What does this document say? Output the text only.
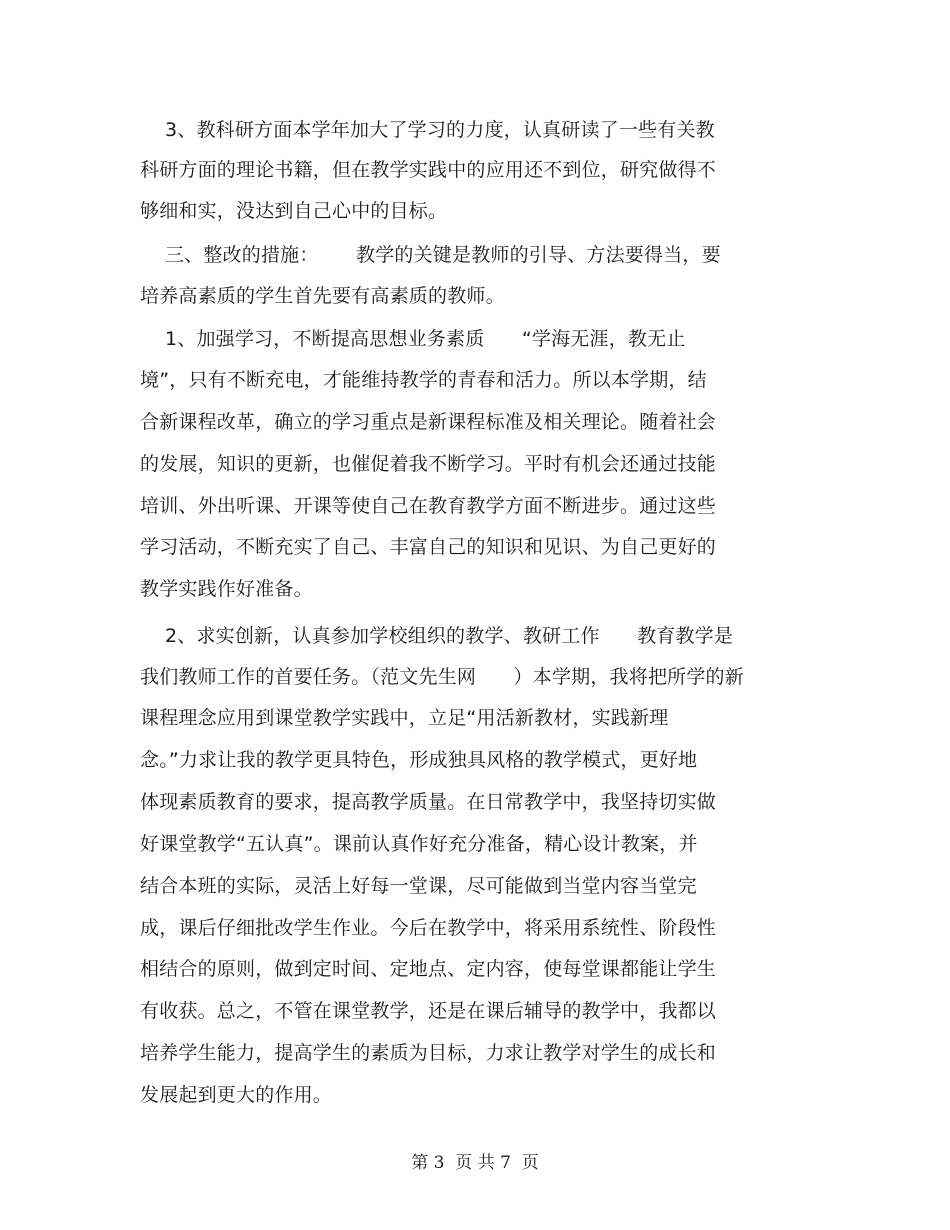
3、教科研方面本学年加大了学习的力度，认真研读了一些有关教
科研方面的理论书籍，但在教学实践中的应用还不到位，研究做得不
够细和实，没达到自己心中的目标。
三、整改的措施：      教学的关键是教师的引导、方法要得当，要
培养高素质的学生首先要有高素质的教师。
1、加强学习，不断提高思想业务素质      “学海无涯，教无止
境”，只有不断充电，才能维持教学的青春和活力。所以本学期，结
合新课程改革，确立的学习重点是新课程标准及相关理论。随着社会
的发展，知识的更新，也催促着我不断学习。平时有机会还通过技能
培训、外出听课、开课等使自己在教育教学方面不断进步。通过这些
学习活动，不断充实了自己、丰富自己的知识和见识、为自己更好的
教学实践作好准备。
2、求实创新，认真参加学校组织的教学、教研工作      教育教学是
我们教师工作的首要任务。（范文先生网      ）本学期，我将把所学的新
课程理念应用到课堂教学实践中，立足“用活新教材，实践新理
念。”力求让我的教学更具特色，形成独具风格的教学模式，更好地
体现素质教育的要求，提高教学质量。在日常教学中，我坚持切实做
好课堂教学“五认真”。课前认真作好充分准备，精心设计教案，并
结合本班的实际，灵活上好每一堂课，尽可能做到当堂内容当堂完
成，课后仔细批改学生作业。今后在教学中，将采用系统性、阶段性
相结合的原则，做到定时间、定地点、定内容，使每堂课都能让学生
有收获。总之，不管在课堂教学，还是在课后辅导的教学中，我都以
培养学生能力，提高学生的素质为目标，力求让教学对学生的成长和
发展起到更大的作用。
第 3  页 共 7  页
